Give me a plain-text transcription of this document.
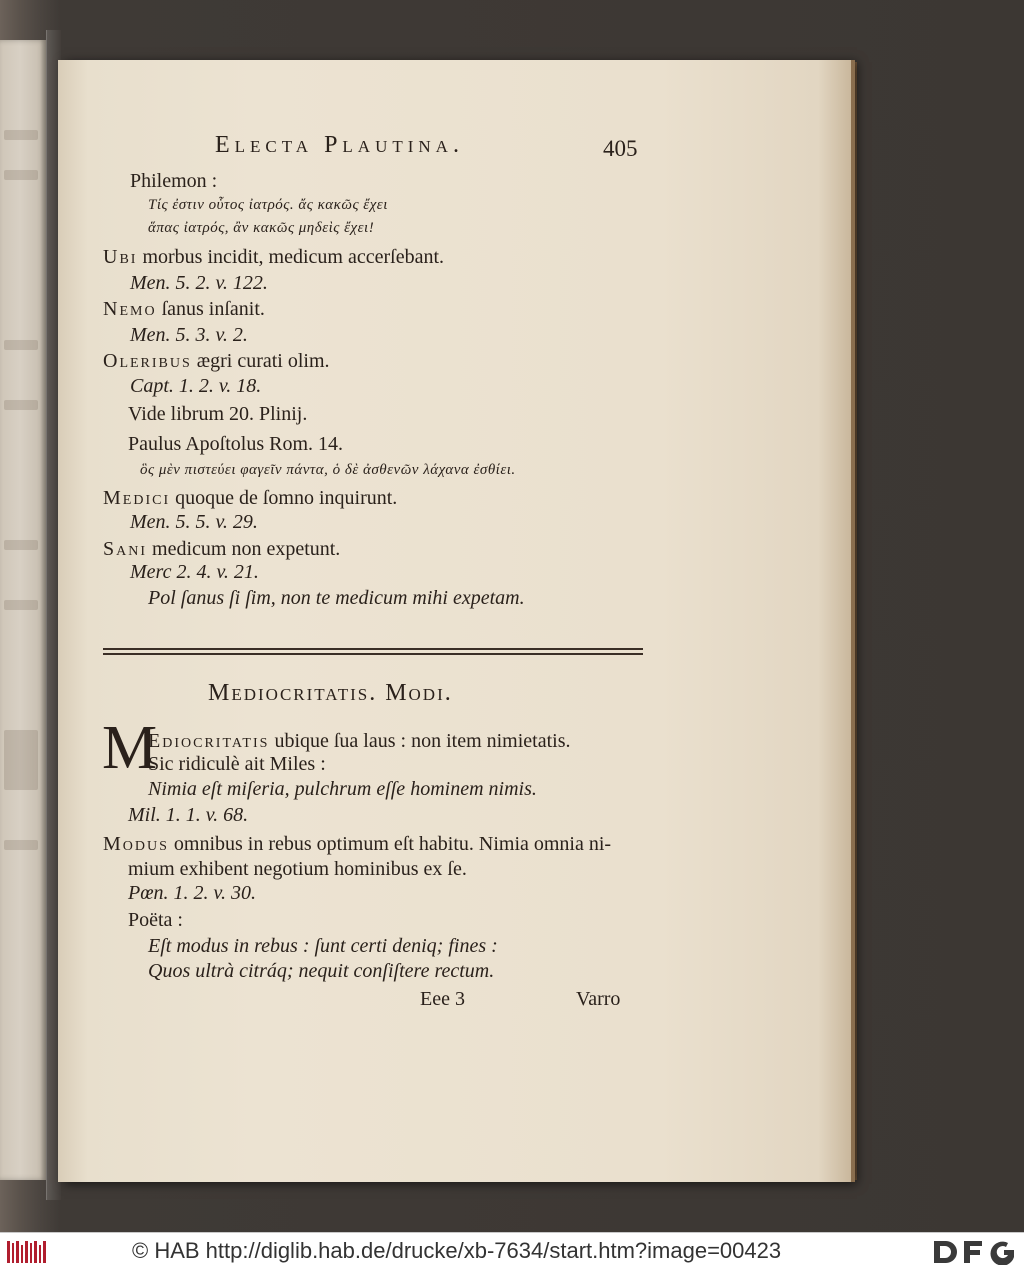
Electa Plautina.	405
Philemon :
Τίς ἐστιν οὗτος ἰατρός. ἄς κακῶς ἔχει
ἅπας ἰατρός, ἂν κακῶς μηδεὶς ἔχει!
Ubi morbus incidit, medicum accerſebant.
Men. 5. 2. v. 122.
Nemo ſanus inſanit.
Men. 5. 3. v. 2.
Oleribus ægri curati olim.
Capt. 1. 2. v. 18.
Vide librum 20. Plinij.
Paulus Apoſtolus Rom. 14.
ὃς μὲν πιστεύει φαγεῖν πάντα, ὁ δὲ ἀσθενῶν λάχανα ἐσθίει.
Medici quoque de ſomno inquirunt.
Men. 5. 5. v. 29.
Sani medicum non expetunt.
Merc 2. 4. v. 21.
Pol ſanus ſi ſim, non te medicum mihi expetam.
Mediocritatis. Modi.
M
Ediocritatis ubique ſua laus : non item nimietatis.
Sic ridiculè ait Miles :
Nimia eſt miſeria, pulchrum eſſe hominem nimis.
Mil. 1. 1. v. 68.
Modus omnibus in rebus optimum eſt habitu. Nimia omnia ni-
mium exhibent negotium hominibus ex ſe.
Pœn. 1. 2. v. 30.
Poëta :
Eſt modus in rebus : ſunt certi deniq; fines :
Quos ultrà citráq; nequit conſiſtere rectum.
Eee 3	Varro
© HAB http://diglib.hab.de/drucke/xb-7634/start.htm?image=00423
